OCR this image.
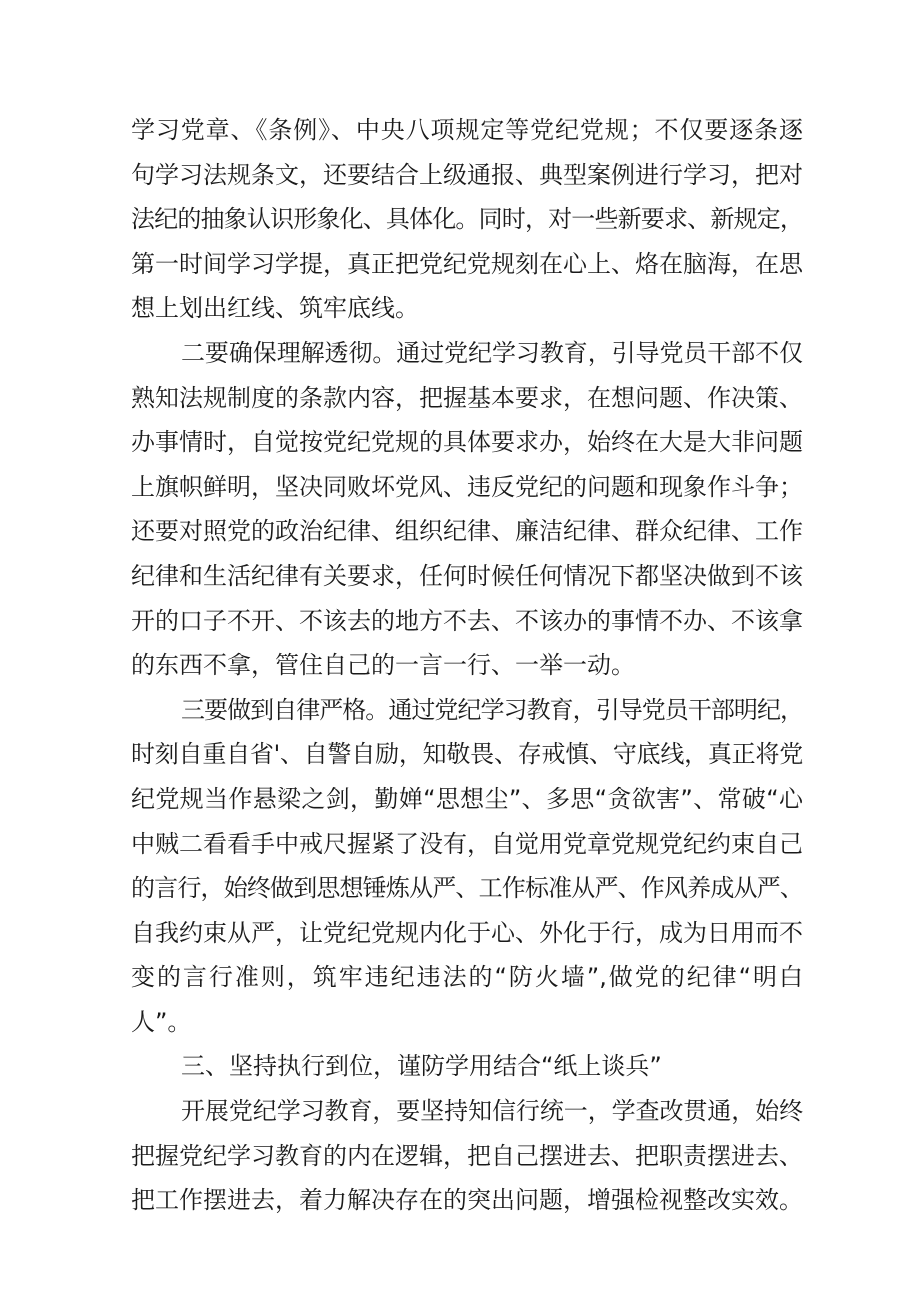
学习党章、《条例》、中央八项规定等党纪党规；不仅要逐条逐
句学习法规条文，还要结合上级通报、典型案例进行学习，把对
法纪的抽象认识形象化、具体化。同时，对一些新要求、新规定，
第一时间学习学提，真正把党纪党规刻在心上、烙在脑海，在思
想上划出红线、筑牢底线。
二要确保理解透彻。通过党纪学习教育，引导党员干部不仅
熟知法规制度的条款内容，把握基本要求，在想问题、作决策、
办事情时，自觉按党纪党规的具体要求办，始终在大是大非问题
上旗帜鲜明，坚决同败坏党风、违反党纪的问题和现象作斗争；
还要对照党的政治纪律、组织纪律、廉洁纪律、群众纪律、工作
纪律和生活纪律有关要求，任何时候任何情况下都坚决做到不该
开的口子不开、不该去的地方不去、不该办的事情不办、不该拿
的东西不拿，管住自己的一言一行、一举一动。
三要做到自律严格。通过党纪学习教育，引导党员干部明纪，
时刻自重自省'、自警自励，知敬畏、存戒慎、守底线，真正将党
纪党规当作悬梁之剑，勤婵“思想尘”、多思“贪欲害”、常破“心
中贼二看看手中戒尺握紧了没有，自觉用党章党规党纪约束自己
的言行，始终做到思想锤炼从严、工作标准从严、作风养成从严、
自我约束从严，让党纪党规内化于心、外化于行，成为日用而不
变的言行准则，筑牢违纪违法的“防火墙”,做党的纪律“明白
人”。
三、坚持执行到位，谨防学用结合“纸上谈兵”
开展党纪学习教育，要坚持知信行统一，学查改贯通，始终
把握党纪学习教育的内在逻辑，把自己摆进去、把职责摆进去、
把工作摆进去，着力解决存在的突出问题，增强检视整改实效。
